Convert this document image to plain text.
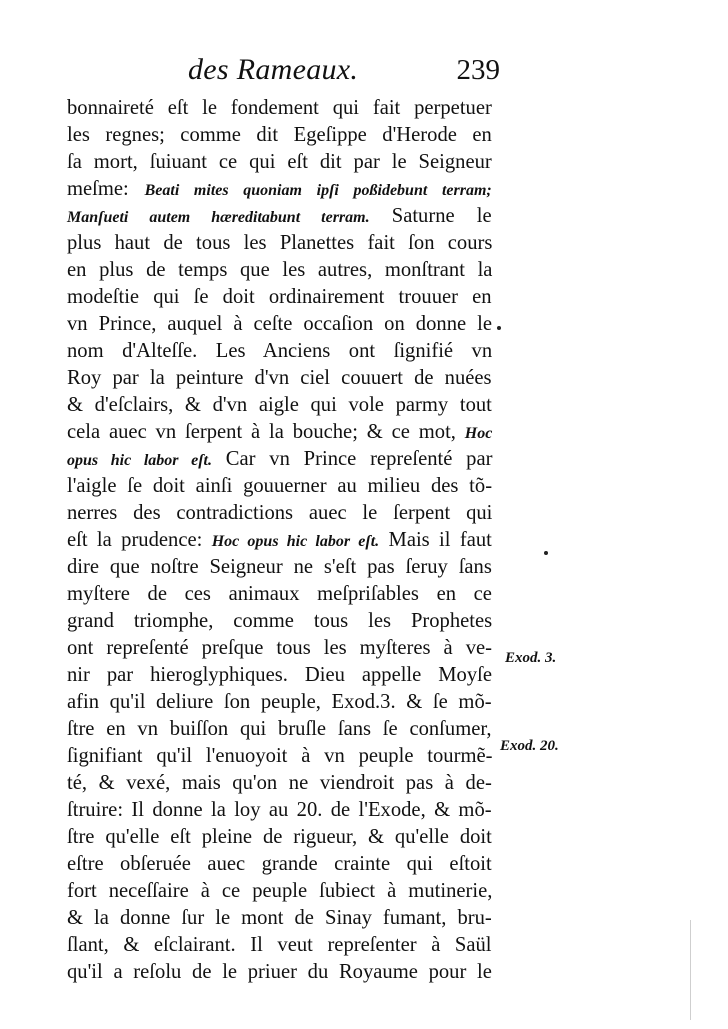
des Rameaux.	239
bonnaireté eſt le fondement qui fait perpetuer
les regnes; comme dit Egeſippe d'Herode en
ſa mort, ſuiuant ce qui eſt dit par le Seigneur
meſme: Beati mites quoniam ipſi poßidebunt terram;
Manſueti autem hæreditabunt terram. Saturne le
plus haut de tous les Planettes fait ſon cours
en plus de temps que les autres, monſtrant la
modeſtie qui ſe doit ordinairement trouuer en
vn Prince, auquel à ceſte occaſion on donne le
nom d'Alteſſe. Les Anciens ont ſignifié vn
Roy par la peinture d'vn ciel couuert de nuées
& d'eſclairs, & d'vn aigle qui vole parmy tout
cela auec vn ſerpent à la bouche; & ce mot, Hoc
opus hic labor eſt. Car vn Prince repreſenté par
l'aigle ſe doit ainſi gouuerner au milieu des tõ-
nerres des contradictions auec le ſerpent qui
eſt la prudence: Hoc opus hic labor eſt. Mais il faut
dire que noſtre Seigneur ne s'eſt pas ſeruy ſans
myſtere de ces animaux meſpriſables en ce
grand triomphe, comme tous les Prophetes
ont repreſenté preſque tous les myſteres à ve-
nir par hieroglyphiques. Dieu appelle Moyſe
afin qu'il deliure ſon peuple, Exod.3. & ſe mõ-
ſtre en vn buiſſon qui bruſle ſans ſe conſumer,
ſignifiant qu'il l'enuoyoit à vn peuple tourmẽ-
té, & vexé, mais qu'on ne viendroit pas à de-
ſtruire: Il donne la loy au 20. de l'Exode, & mõ-
ſtre qu'elle eſt pleine de rigueur, & qu'elle doit
eſtre obſeruée auec grande crainte qui eſtoit
fort neceſſaire à ce peuple ſubiect à mutinerie,
& la donne ſur le mont de Sinay fumant, bru-
ſlant, & eſclairant. Il veut repreſenter à Saül
qu'il a reſolu de le priuer du Royaume pour le
Exod. 3.
Exod. 20.
